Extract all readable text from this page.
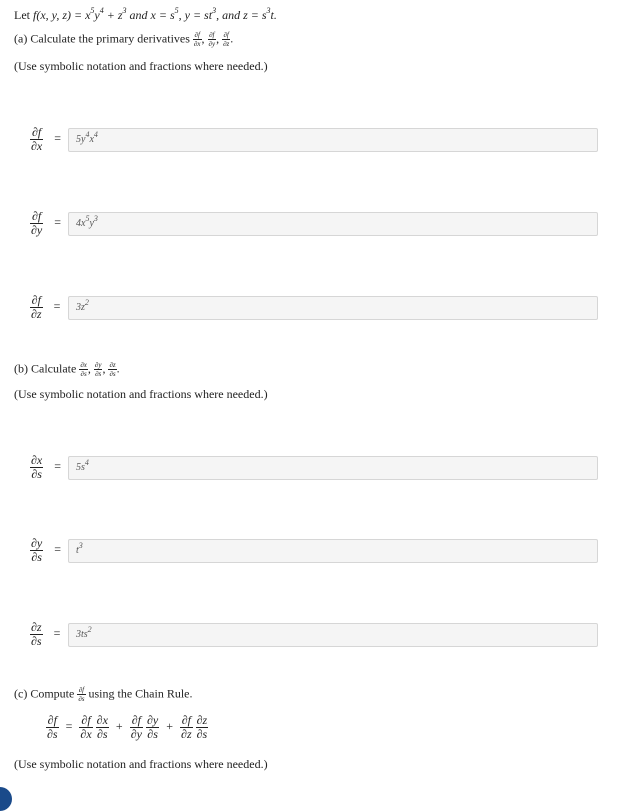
Let f(x, y, $z) = x^5y^4 + z^3$ and $x = s^5$, $y = st^3$, and $z = s^3t$.
(a) Calculate the primary derivatives $\frac{\partial f}{\partial x}$ , $\frac{\partial f}{\partial y}$ , $\frac{\partial f}{\partial z}$ .
(Use symbolic notation and fractions where needed.)
$\frac{\partial f}{\partial x} = 5y^4x^4$
$\frac{\partial f}{\partial y} = 4x^5y^3$
$\frac{\partial f}{\partial z} = 3z^2$
(b) Calculate $\frac{\partial x}{\partial s}$ , $\frac{\partial y}{\partial s}$ , $\frac{\partial z}{\partial s}$ .
(Use symbolic notation and fractions where needed.)
$\frac{\partial x}{\partial s} = 5s^4$
$\frac{\partial y}{\partial s} = t^3$
$\frac{\partial z}{\partial s} = 3ts^2$
(c) Compute $\frac{\partial f}{\partial s}$ using the Chain Rule.
$\frac{\partial f}{\partial s} = \frac{\partial f}{\partial x}$
$\frac{\partial x}{\partial s} + \frac{\partial f}{\partial y}$
$\frac{\partial y}{\partial s} + \frac{\partial f}{\partial z}$
$\frac{\partial z}{\partial s}$
(Use symbolic notation and fractions where needed.)
